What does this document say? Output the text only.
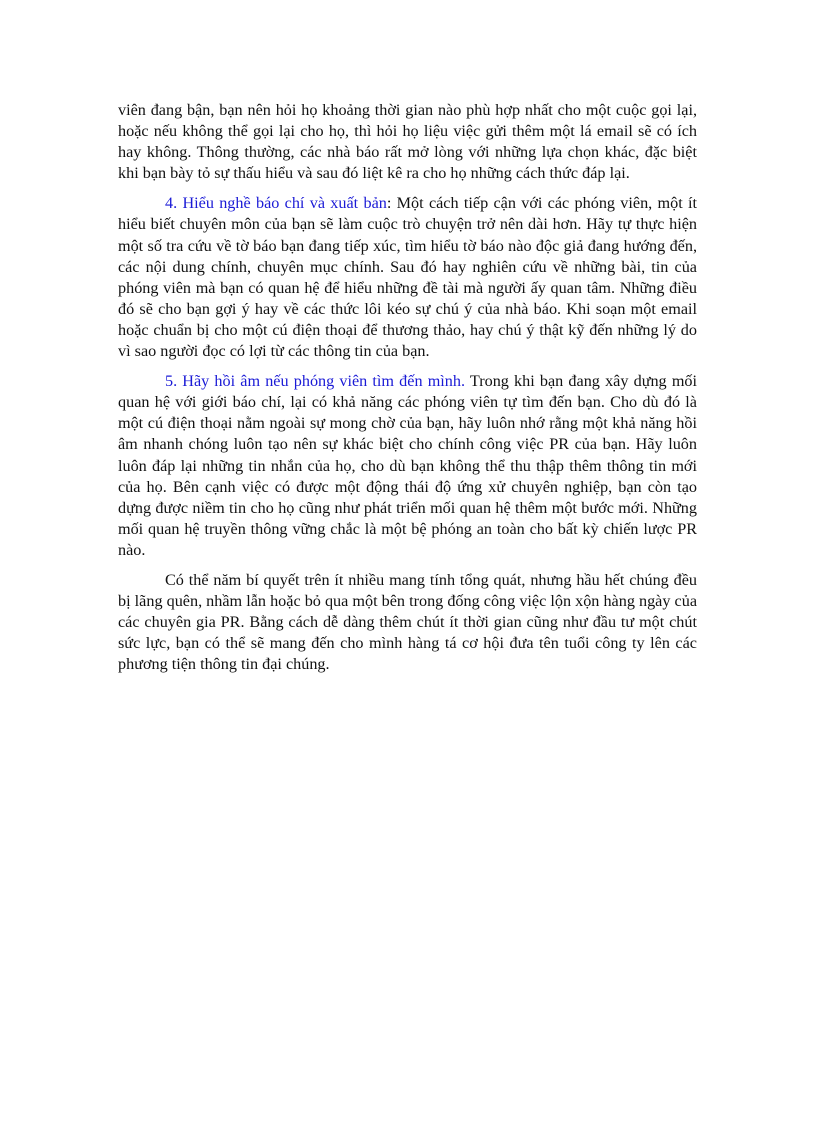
viên đang bận, bạn nên hỏi họ khoảng thời gian nào phù hợp nhất cho một cuộc gọi lại, hoặc nếu không thể gọi lại cho họ, thì hỏi họ liệu việc gửi thêm một lá email sẽ có ích hay không. Thông thường, các nhà báo rất mở lòng với những lựa chọn khác, đặc biệt khi bạn bày tỏ sự thấu hiểu và sau đó liệt kê ra cho họ những cách thức đáp lại.

4. Hiểu nghề báo chí và xuất bản: Một cách tiếp cận với các phóng viên, một ít hiểu biết chuyên môn của bạn sẽ làm cuộc trò chuyện trở nên dài hơn. Hãy tự thực hiện một số tra cứu về tờ báo bạn đang tiếp xúc, tìm hiểu tờ báo nào độc giả đang hướng đến, các nội dung chính, chuyên mục chính. Sau đó hay nghiên cứu về những bài, tin của phóng viên mà bạn có quan hệ để hiểu những đề tài mà người ấy quan tâm. Những điều đó sẽ cho bạn gợi ý hay về các thức lôi kéo sự chú ý của nhà báo. Khi soạn một email hoặc chuẩn bị cho một cú điện thoại để thương thảo, hay chú ý thật kỹ đến những lý do vì sao người đọc có lợi từ các thông tin của bạn.

5. Hãy hồi âm nếu phóng viên tìm đến mình. Trong khi bạn đang xây dựng mối quan hệ với giới báo chí, lại có khả năng các phóng viên tự tìm đến bạn. Cho dù đó là một cú điện thoại nằm ngoài sự mong chờ của bạn, hãy luôn nhớ rằng một khả năng hồi âm nhanh chóng luôn tạo nên sự khác biệt cho chính công việc PR của bạn. Hãy luôn luôn đáp lại những tin nhắn của họ, cho dù bạn không thể thu thập thêm thông tin mới của họ. Bên cạnh việc có được một động thái độ ứng xử chuyên nghiệp, bạn còn tạo dựng được niềm tin cho họ cũng như phát triển mối quan hệ thêm một bước mới. Những mối quan hệ truyền thông vững chắc là một bệ phóng an toàn cho bất kỳ chiến lược PR nào.

Có thể năm bí quyết trên ít nhiều mang tính tổng quát, nhưng hầu hết chúng đều bị lãng quên, nhầm lẫn hoặc bỏ qua một bên trong đống công việc lộn xộn hàng ngày của các chuyên gia PR. Bằng cách dễ dàng thêm chút ít thời gian cũng như đầu tư một chút sức lực, bạn có thể sẽ mang đến cho mình hàng tá cơ hội đưa tên tuổi công ty lên các phương tiện thông tin đại chúng.
